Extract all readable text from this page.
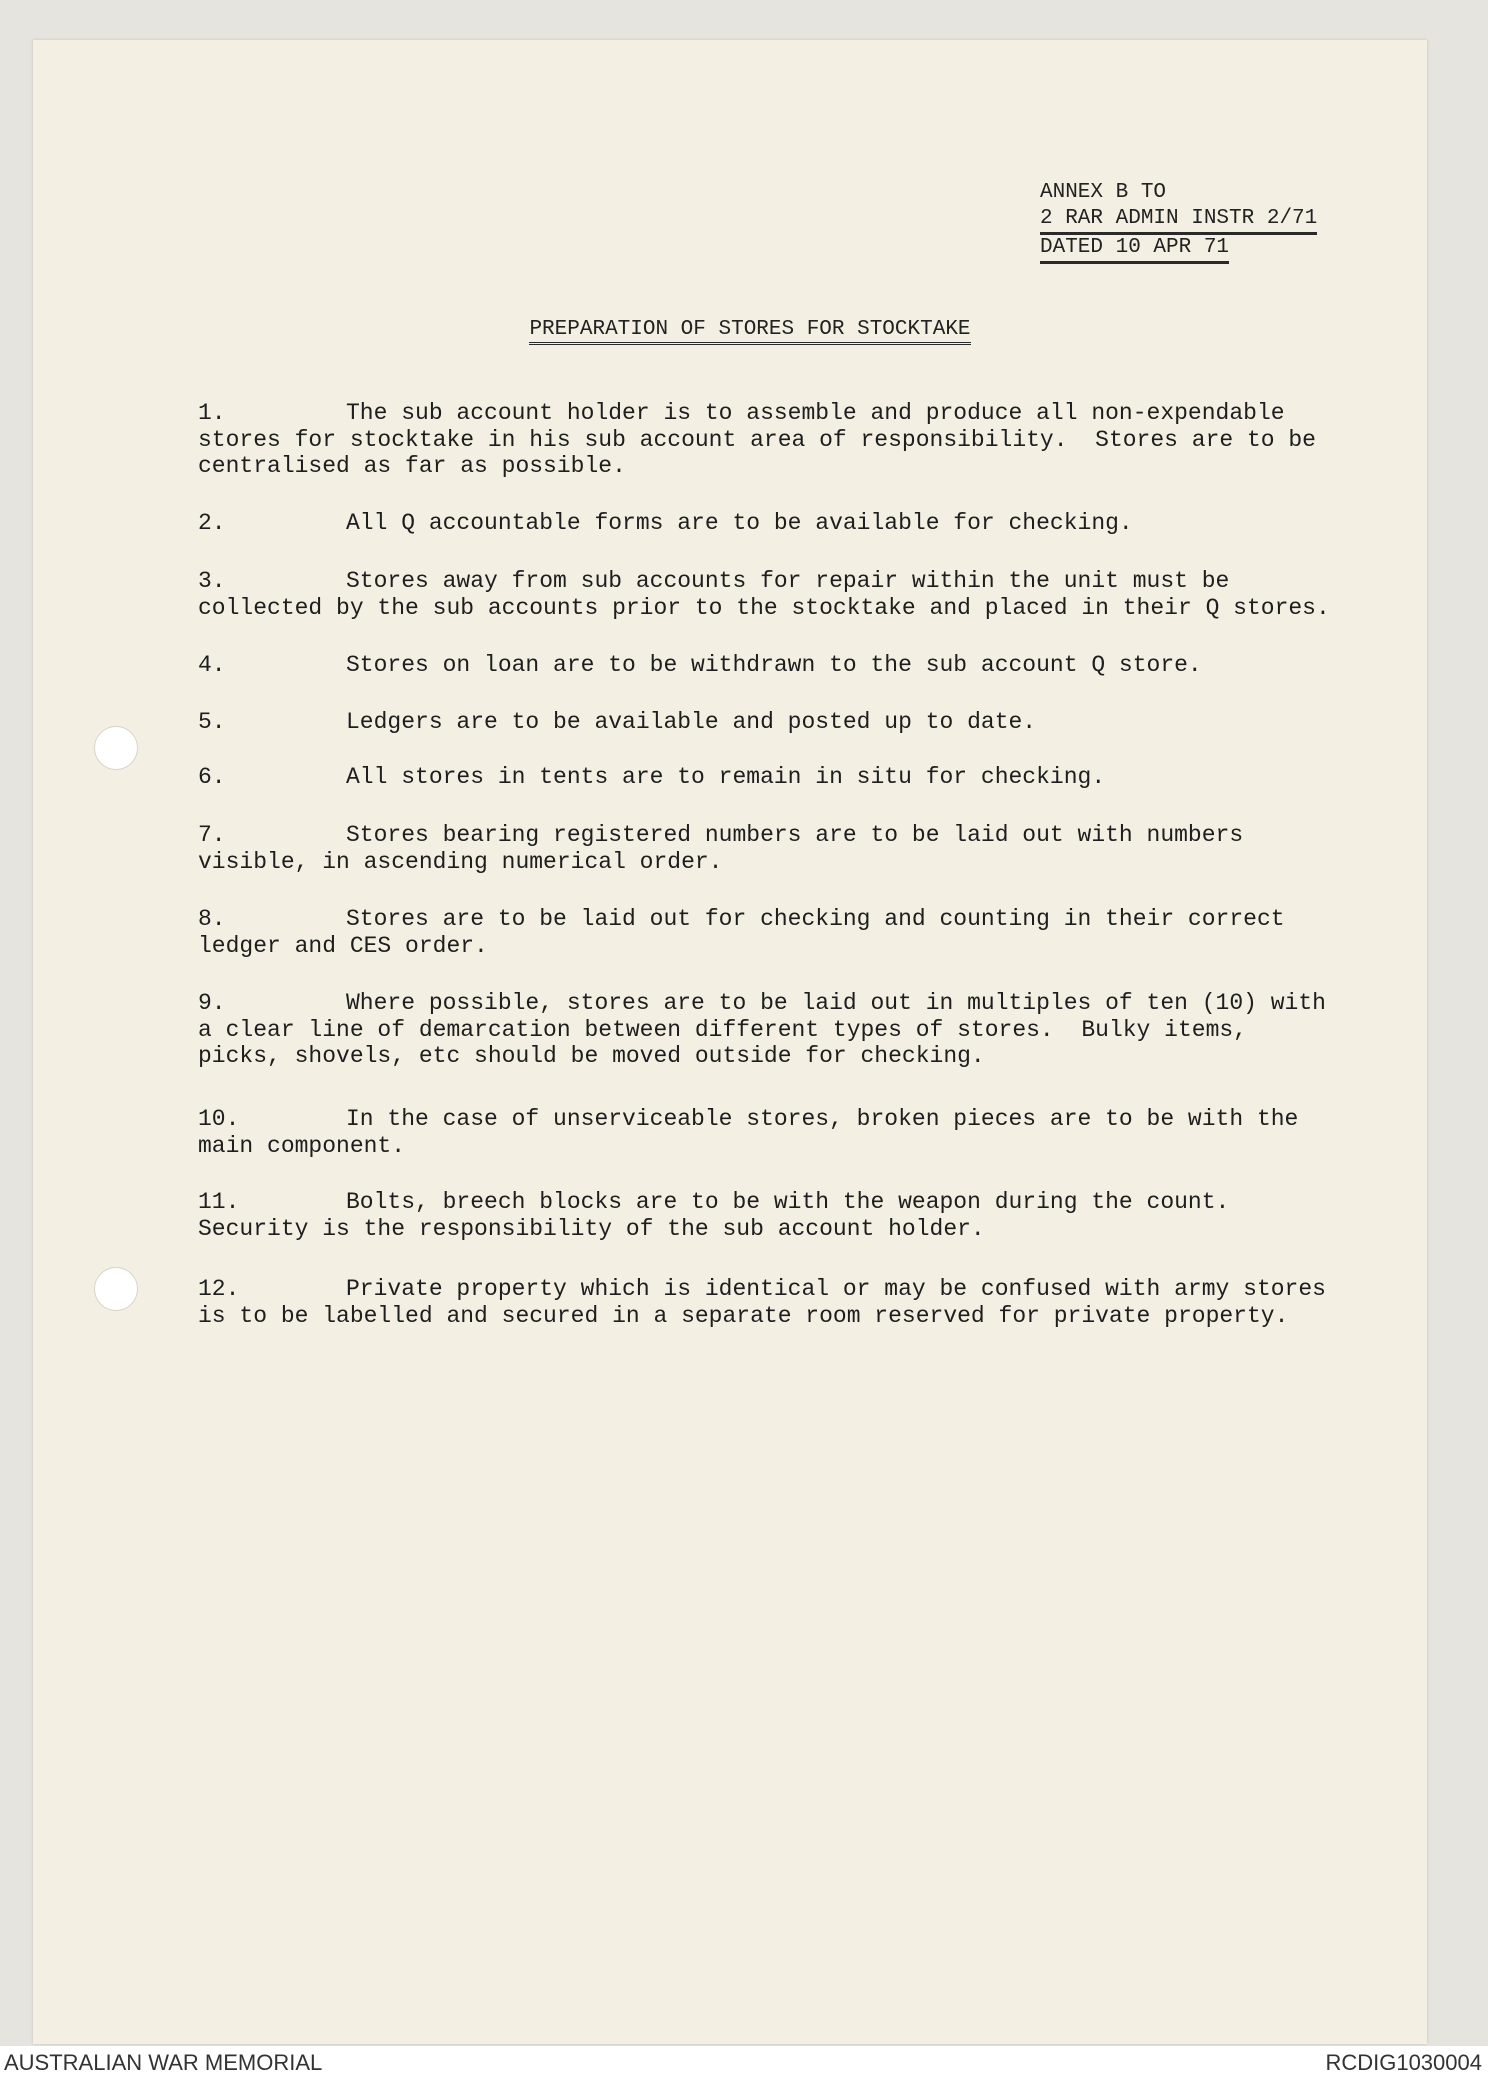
ANNEX B TO
2 RAR ADMIN INSTR 2/71
DATED 10 APR 71
PREPARATION OF STORES FOR STOCKTAKE
1.	The sub account holder is to assemble and produce all non-expendable stores for stocktake in his sub account area of responsibility.  Stores are to be centralised as far as possible.
2.	All Q accountable forms are to be available for checking.
3.	Stores away from sub accounts for repair within the unit must be collected by the sub accounts prior to the stocktake and placed in their Q stores.
4.	Stores on loan are to be withdrawn to the sub account Q store.
5.	Ledgers are to be available and posted up to date.
6.	All stores in tents are to remain in situ for checking.
7.	Stores bearing registered numbers are to be laid out with numbers visible, in ascending numerical order.
8.	Stores are to be laid out for checking and counting in their correct ledger and CES order.
9.	Where possible, stores are to be laid out in multiples of ten (10) with a clear line of demarcation between different types of stores.  Bulky items, picks, shovels, etc should be moved outside for checking.
10.	In the case of unserviceable stores, broken pieces are to be with the main component.
11.	Bolts, breech blocks are to be with the weapon during the count. Security is the responsibility of the sub account holder.
12.	Private property which is identical or may be confused with army stores is to be labelled and secured in a separate room reserved for private property.
AUSTRALIAN WAR MEMORIAL	RCDIG1030004
